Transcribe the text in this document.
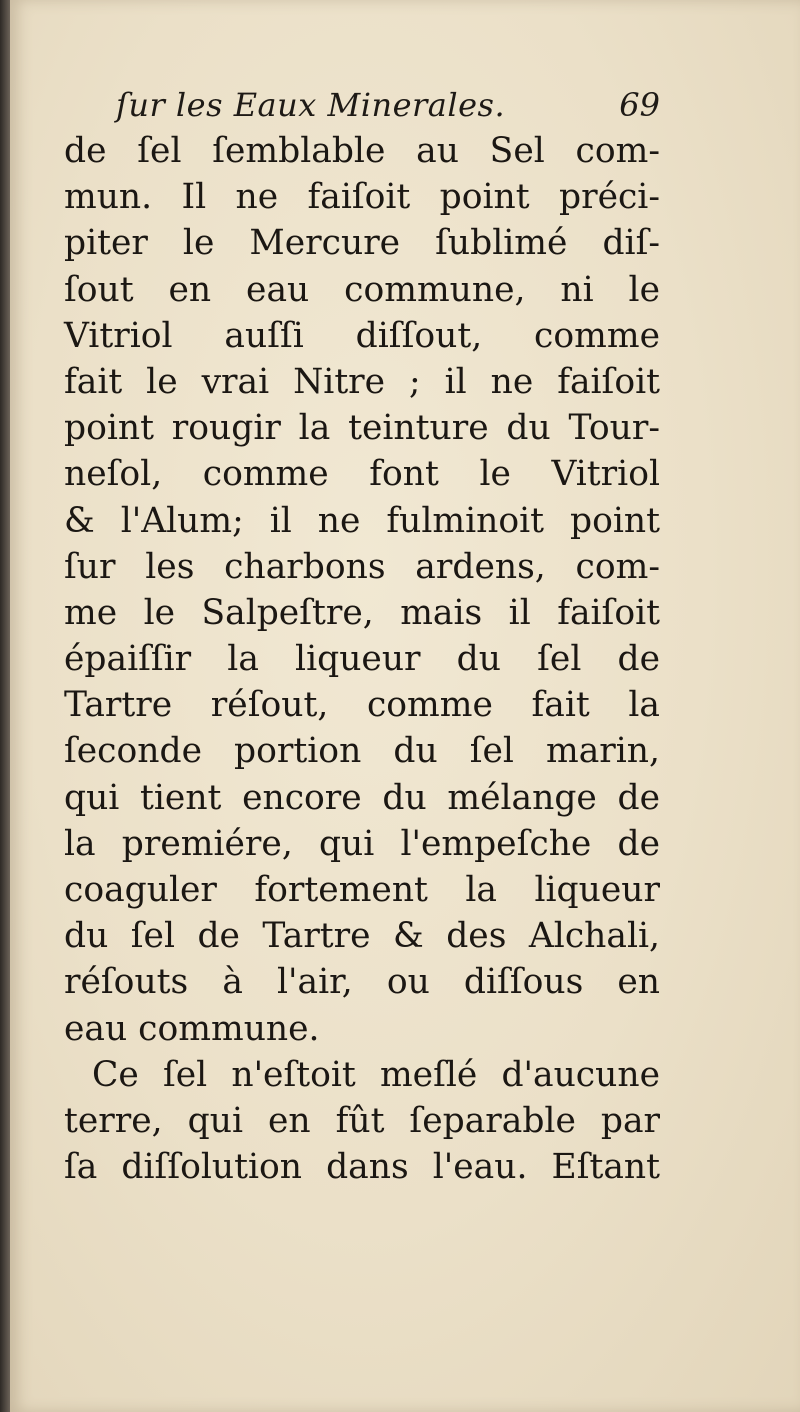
ſur les Eaux Minerales.	69
de ſel ſemblable au Sel com-
mun. Il ne faiſoit point préci-
piter le Mercure ſublimé diſ-
ſout en eau commune, ni le
Vitriol auſſi diſſout, comme
fait le vrai Nitre ; il ne faiſoit
point rougir la teinture du Tour-
neſol, comme font le Vitriol
& l'Alum; il ne fulminoit point
ſur les charbons ardens, com-
me le Salpeſtre, mais il faiſoit
épaiſſir la liqueur du ſel de
Tartre réſout, comme fait la
ſeconde portion du ſel marin,
qui tient encore du mélange de
la premiére, qui l'empeſche de
coaguler fortement la liqueur
du ſel de Tartre & des Alchali,
réſouts à l'air, ou diſſous en
eau commune.
Ce ſel n'eſtoit meſlé d'aucune
terre, qui en fût ſeparable par
ſa diſſolution dans l'eau. Eſtant
